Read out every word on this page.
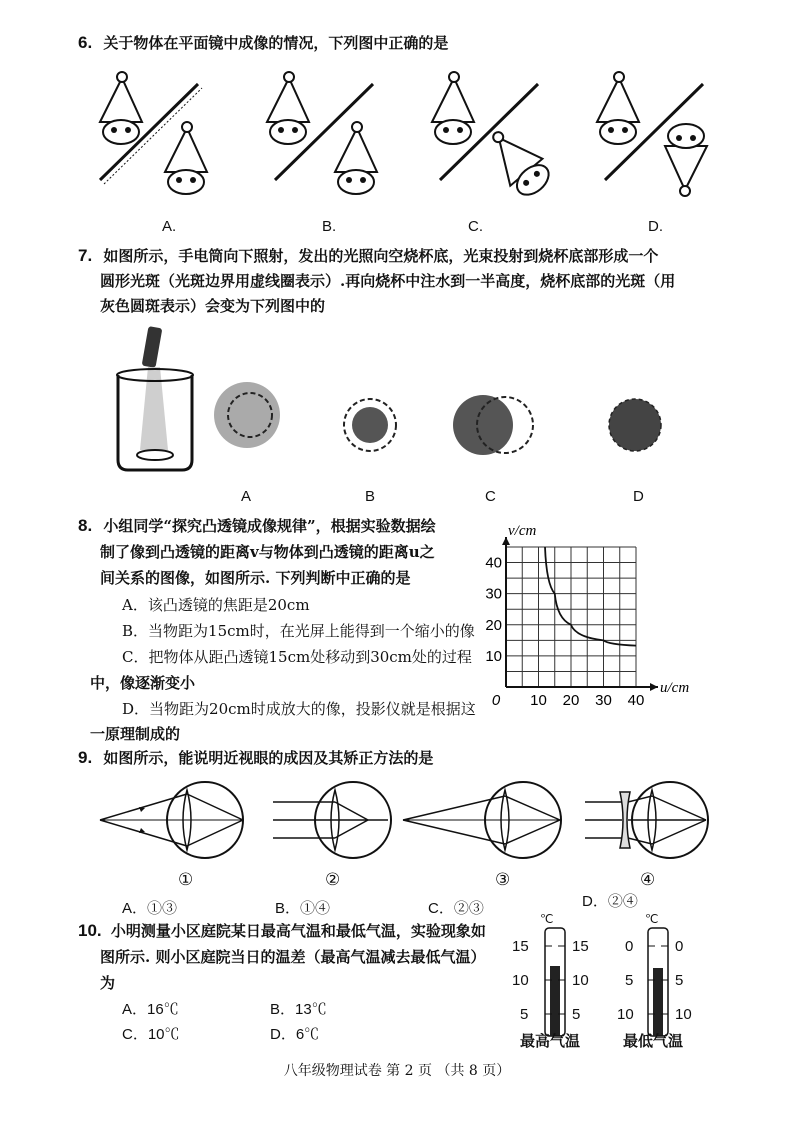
6. 关于物体在平面镜中成像的情况，下列图中正确的是
A.	B.	C.	D.
7. 如图所示，手电筒向下照射，发出的光照向空烧杯底，光束投射到烧杯底部形成一个
圆形光斑（光斑边界用虚线圈表示）.再向烧杯中注水到一半高度，烧杯底部的光斑（用
灰色圆斑表示）会变为下列图中的
A	B	C	D
8. 小组同学“探究凸透镜成像规律”，根据实验数据绘
制了像到凸透镜的距离v与物体到凸透镜的距离u之
间关系的图像，如图所示. 下列判断中正确的是
A．该凸透镜的焦距是20cm
B．当物距为15cm时，在光屏上能得到一个缩小的像
C．把物体从距凸透镜15cm处移动到30cm处的过程
中，像逐渐变小
D．当物距为20cm时成放大的像，投影仪就是根据这
一原理制成的
0 10 20 30 40
10
20
30
40
u/cm
v/cm
9. 如图所示，能说明近视眼的成因及其矫正方法的是
①	②	③	④
A．①③	B．①④	C．②③	D．②④
10. 小明测量小区庭院某日最高气温和最低气温，实验现象如
图所示. 则小区庭院当日的温差（最高气温减去最低气温）
为
A．16℃	B．13℃
C．10℃	D．6℃
℃
15
10
5
15
10
5
最高气温
℃
0
5
10
0
5
10
最低气温
八年级物理试卷 第 2 页 （共 8 页）
